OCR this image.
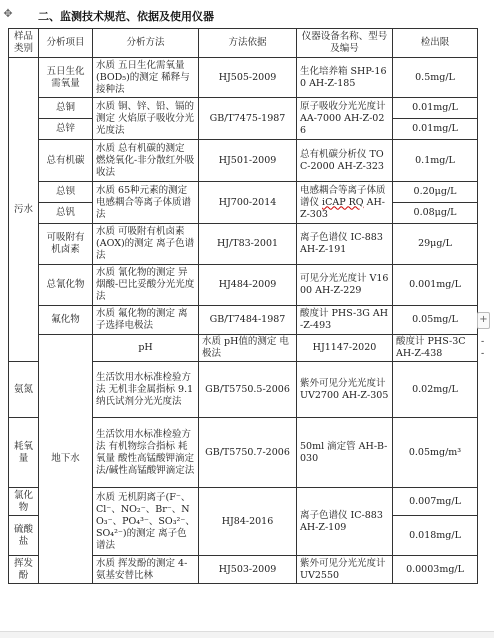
✥ 二、监测技术规范、依据及使用仪器
样品类别	分析项目	分析方法	方法依据	仪器设备名称、型号及编号	检出限	
污水	五日生化需氧量	水质 五日生化需氧量(BOD₅)的测定 稀释与接种法	HJ505-2009	生化培养箱 SHP-160 AH-Z-185	0.5mg/L	
	总铜	水质 铜、锌、铅、镉的测定 火焰原子吸收分光光度法	GB/T7475-1987	原子吸收分光光度计 AA-7000 AH-Z-026	0.01mg/L	
	总锌				0.01mg/L	
	总有机碳	水质 总有机碳的测定 燃烧氧化-非分散红外吸收法	HJ501-2009	总有机碳分析仪 TOC-2000 AH-Z-323	0.1mg/L	
	总钡	水质 65种元素的测定 电感耦合等离子体质谱法	HJ700-2014	电感耦合等离子体质谱仪 iCAP RQ AH-Z-303	0.20μg/L	
	总钒				0.08μg/L	
	可吸附有机卤素	水质 可吸附有机卤素(AOX)的测定 离子色谱法	HJ/T83-2001	离子色谱仪 IC-883 AH-Z-191	29μg/L	
	总氰化物	水质 氰化物的测定 异烟酸-巴比妥酸分光光度法	HJ484-2009	可见分光光度计 V1600 AH-Z-229	0.001mg/L	
	氟化物	水质 氟化物的测定 离子选择电极法	GB/T7484-1987	酸度计 PHS-3G AH-Z-493	0.05mg/L	
	地下水	pH	水质 pH值的测定 电极法	HJ1147-2020	酸度计 PHS-3C AH-Z-438	--
氨氮		生活饮用水标准检验方法 无机非金属指标 9.1纳氏试剂分光光度法	GB/T5750.5-2006	紫外可见分光光度计 UV2700 AH-Z-305	0.02mg/L	
耗氧量		生活饮用水标准检验方法 有机物综合指标 耗氧量 酸性高锰酸钾滴定法/碱性高锰酸钾滴定法	GB/T5750.7-2006	50ml 滴定管 AH-B-030	0.05mg/m³	
氯化物		水质 无机阴离子(F⁻、Cl⁻、NO₂⁻、Br⁻、NO₃⁻、PO₄³⁻、SO₃²⁻、SO₄²⁻)的测定 离子色谱法	HJ84-2016	离子色谱仪 IC-883 AH-Z-109	0.007mg/L	
硫酸盐					0.018mg/L	
挥发酚		水质 挥发酚的测定 4-氨基安替比林	HJ503-2009	紫外可见分光光度计 UV2550	0.0003mg/L	
+
